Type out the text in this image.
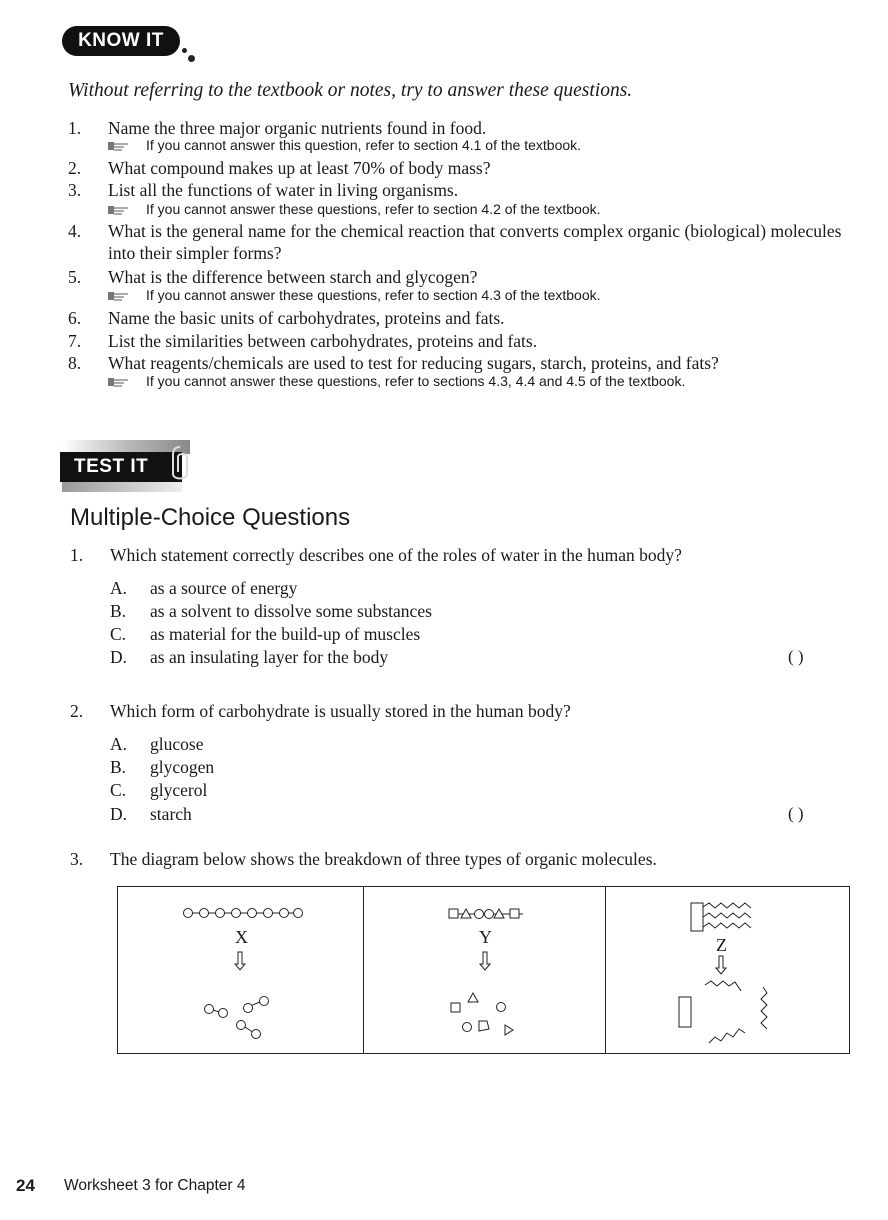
KNOW IT
Without referring to the textbook or notes, try to answer these questions.
1.	Name the three major organic nutrients found in food.
If you cannot answer this question, refer to section 4.1 of the textbook.
2.	What compound makes up at least 70% of body mass?
3.	List all the functions of water in living organisms.
If you cannot answer these questions, refer to section 4.2 of the textbook.
4.	What is the general name for the chemical reaction that converts complex organic (biological) molecules into their simpler forms?
5.	What is the difference between starch and glycogen?
If you cannot answer these questions, refer to section 4.3 of the textbook.
6.	Name the basic units of carbohydrates, proteins and fats.
7.	List the similarities between carbohydrates, proteins and fats.
8.	What reagents/chemicals are used to test for reducing sugars, starch, proteins, and fats?
If you cannot answer these questions, refer to sections 4.3, 4.4 and 4.5 of the textbook.
TEST IT
Multiple-Choice Questions
1.	Which statement correctly describes one of the roles of water in the human body?
A. as a source of energy
B. as a solvent to dissolve some substances
C. as material for the build-up of muscles
D. as an insulating layer for the body	( )
2.	Which form of carbohydrate is usually stored in the human body?
A. glucose
B. glycogen
C. glycerol
D. starch	( )
3.	The diagram below shows the breakdown of three types of organic molecules.
X	Y	Z
24 Worksheet 3 for Chapter 4
